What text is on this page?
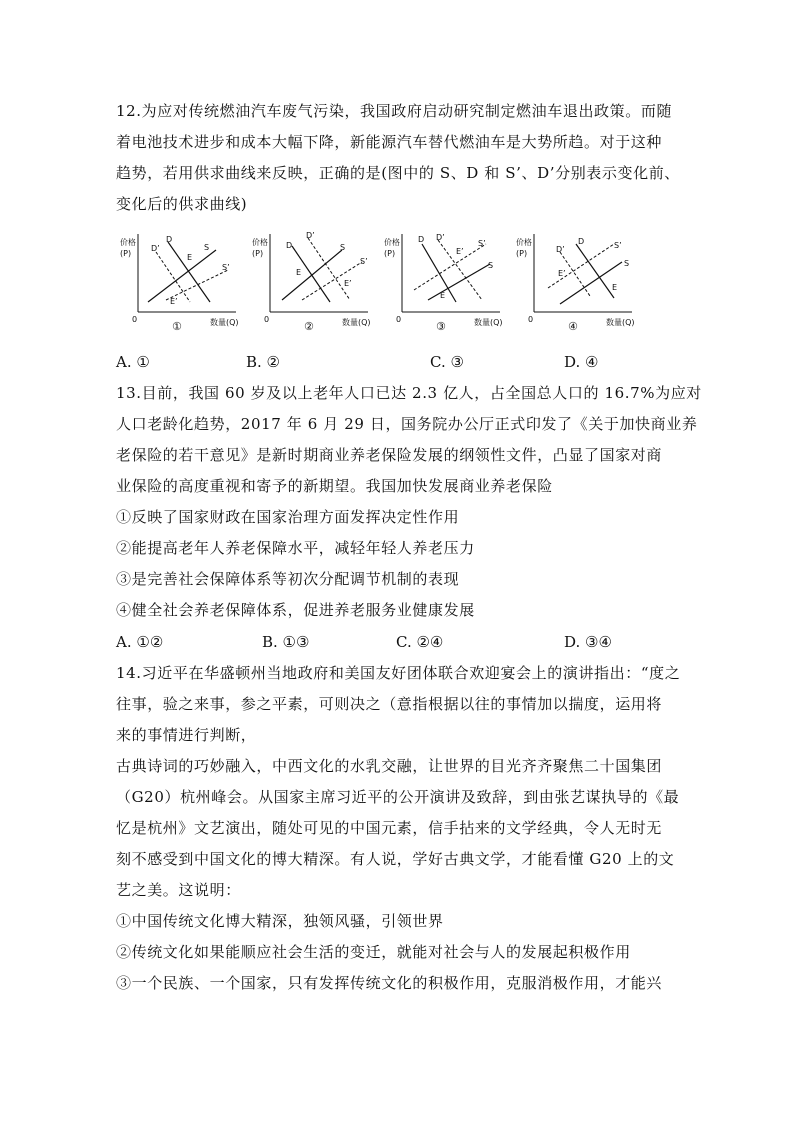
12.为应对传统燃油汽车废气污染，我国政府启动研究制定燃油车退出政策。而随
着电池技术进步和成本大幅下降，新能源汽车替代燃油车是大势所趋。对于这种
趋势，若用供求曲线来反映，正确的是(图中的 S、D 和 S’、D’分别表示变化前、
变化后的供求曲线)
价格
(P)
0	数量(Q)
①
D
D’	S
S’
E
E’
价格
(P)
0	数量(Q)
②
D
D’
S
S’
E
E’
价格
(P)
0	数量(Q)
③
D D’
S
S’
E
E’
价格
(P)
0	数量(Q)
④
D
D’
S
S’
E
E’
A. ①	B. ②	C. ③	D. ④
13.目前，我国 60 岁及以上老年人口已达 2.3 亿人，占全国总人口的 16.7%为应对
人口老龄化趋势，2017 年 6 月 29 日，国务院办公厅正式印发了《关于加快商业养
老保险的若干意见》是新时期商业养老保险发展的纲领性文件，凸显了国家对商
业保险的高度重视和寄予的新期望。我国加快发展商业养老保险
①反映了国家财政在国家治理方面发挥决定性作用
②能提高老年人养老保障水平，减轻年轻人养老压力
③是完善社会保障体系等初次分配调节机制的表现
④健全社会养老保障体系，促进养老服务业健康发展
A. ①②	B. ①③	C. ②④	D. ③④
14.习近平在华盛顿州当地政府和美国友好团体联合欢迎宴会上的演讲指出：“度之
往事，验之来事，参之平素，可则决之（意指根据以往的事情加以揣度，运用将
来的事情进行判断，
古典诗词的巧妙融入，中西文化的水乳交融，让世界的目光齐齐聚焦二十国集团
（G20）杭州峰会。从国家主席习近平的公开演讲及致辞，到由张艺谋执导的《最
忆是杭州》文艺演出，随处可见的中国元素，信手拈来的文学经典，令人无时无
刻不感受到中国文化的博大精深。有人说，学好古典文学，才能看懂 G20 上的文
艺之美。这说明：
①中国传统文化博大精深，独领风骚，引领世界
②传统文化如果能顺应社会生活的变迁，就能对社会与人的发展起积极作用
③一个民族、一个国家，只有发挥传统文化的积极作用，克服消极作用，才能兴
